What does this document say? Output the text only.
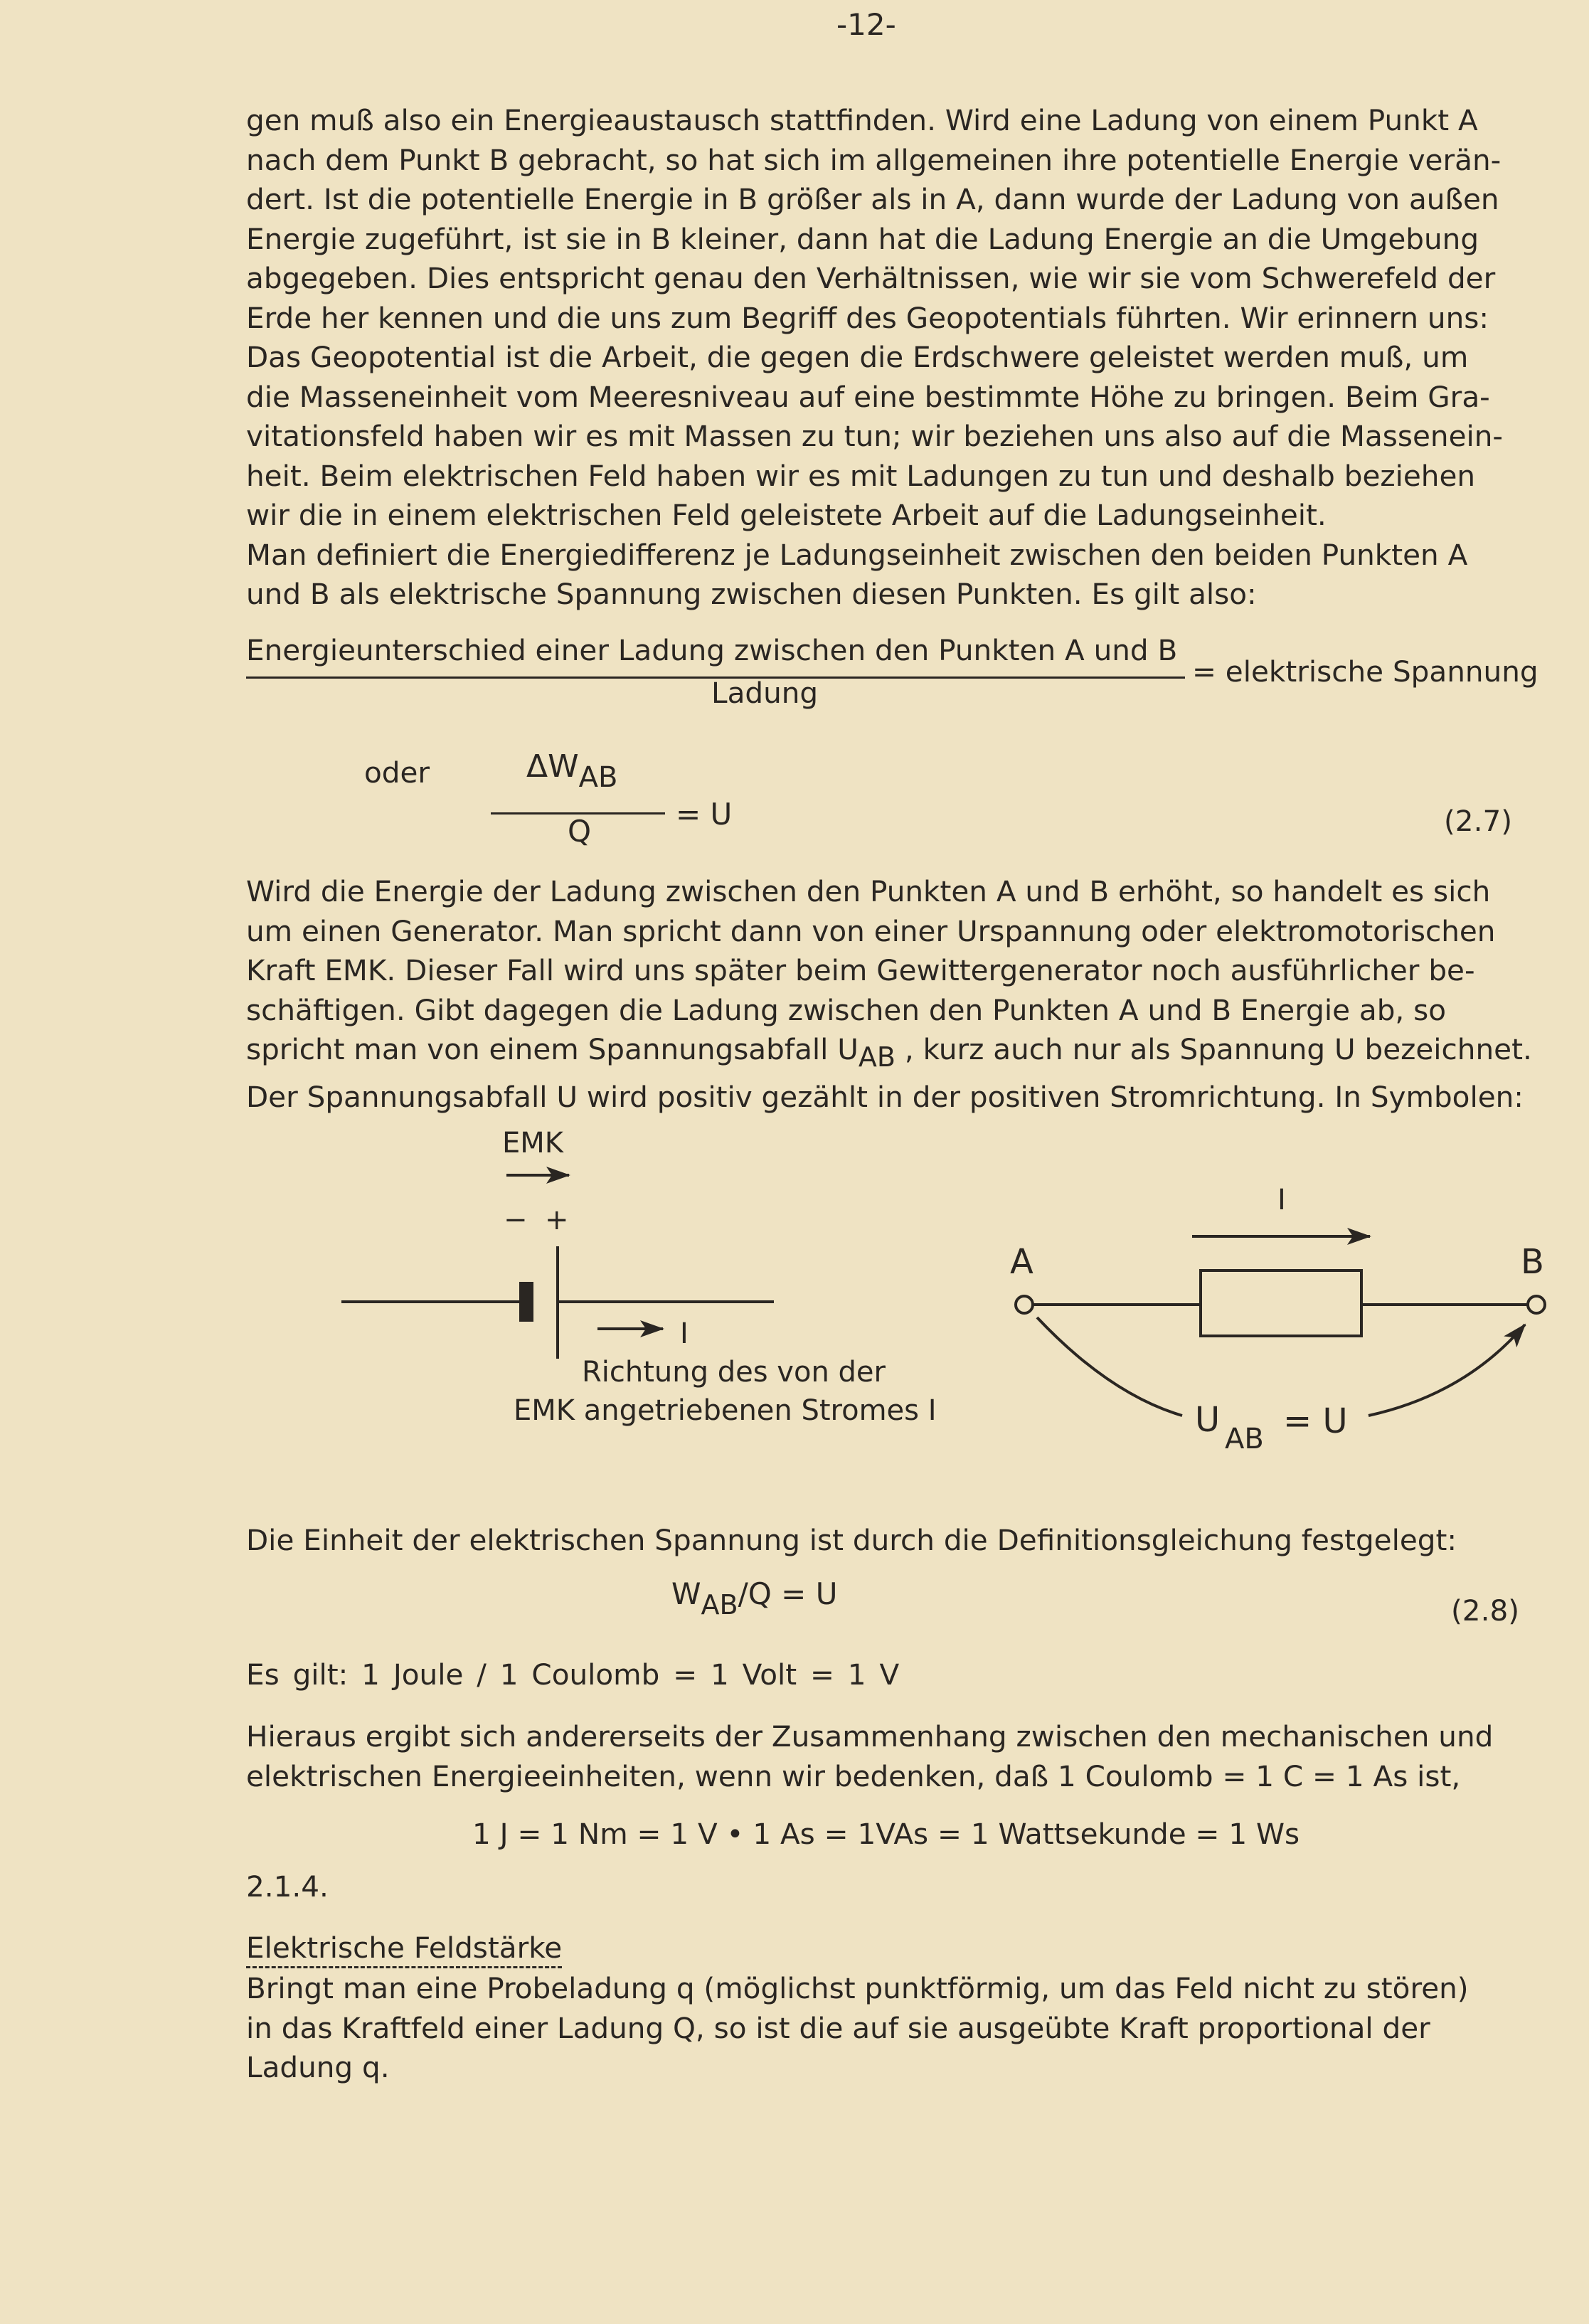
-12-
gen muß also ein Energieaustausch stattfinden. Wird eine Ladung von einem Punkt A
nach dem Punkt B gebracht, so hat sich im allgemeinen ihre potentielle Energie verän-
dert. Ist die potentielle Energie in B größer als in A, dann wurde der Ladung von außen
Energie zugeführt, ist sie in B kleiner, dann hat die Ladung Energie an die Umgebung
abgegeben. Dies entspricht genau den Verhältnissen, wie wir sie vom Schwerefeld der
Erde her kennen und die uns zum Begriff des Geopotentials führten. Wir erinnern uns:
Das Geopotential ist die Arbeit, die gegen die Erdschwere geleistet werden muß, um
die Masseneinheit vom Meeresniveau auf eine bestimmte Höhe zu bringen. Beim Gra-
vitationsfeld haben wir es mit Massen zu tun; wir beziehen uns also auf die Massenein-
heit. Beim elektrischen Feld haben wir es mit Ladungen zu tun und deshalb beziehen
wir die in einem elektrischen Feld geleistete Arbeit auf die Ladungseinheit.
Man definiert die Energiedifferenz je Ladungseinheit zwischen den beiden Punkten A
und B als elektrische Spannung zwischen diesen Punkten. Es gilt also:
Energieunterschied einer Ladung zwischen den Punkten A und B
Ladung
= elektrische Spannung
oder	$\Delta W_{AB}$
Q	= U	(2.7)
Wird die Energie der Ladung zwischen den Punkten A und B erhöht, so handelt es sich
um einen Generator. Man spricht dann von einer Urspannung oder elektromotorischen
Kraft EMK. Dieser Fall wird uns später beim Gewittergenerator noch ausführlicher be-
schäftigen. Gibt dagegen die Ladung zwischen den Punkten A und B Energie ab, so
spricht man von einem Spannungsabfall $U_{AB}$ , kurz auch nur als Spannung U bezeichnet.
Der Spannungsabfall U wird positiv gezählt in der positiven Stromrichtung. In Symbolen:
EMK
− +
I
Richtung des von der
EMK angetriebenen Stromes I
I
A	B
U AB = U
Die Einheit der elektrischen Spannung ist durch die Definitionsgleichung festgelegt:
$W_{AB}/Q = U$	(2.8)
Es gilt: 1 Joule / 1 Coulomb = 1 Volt = 1 V
Hieraus ergibt sich andererseits der Zusammenhang zwischen den mechanischen und
elektrischen Energieeinheiten, wenn wir bedenken, daß 1 Coulomb = 1 C = 1 As ist,
1 J = 1 Nm = 1 V • 1 As = 1VAs = 1 Wattsekunde = 1 Ws
2.1.4.
Elektrische Feldstärke
Bringt man eine Probeladung q (möglichst punktförmig, um das Feld nicht zu stören)
in das Kraftfeld einer Ladung Q, so ist die auf sie ausgeübte Kraft proportional der
Ladung q.
